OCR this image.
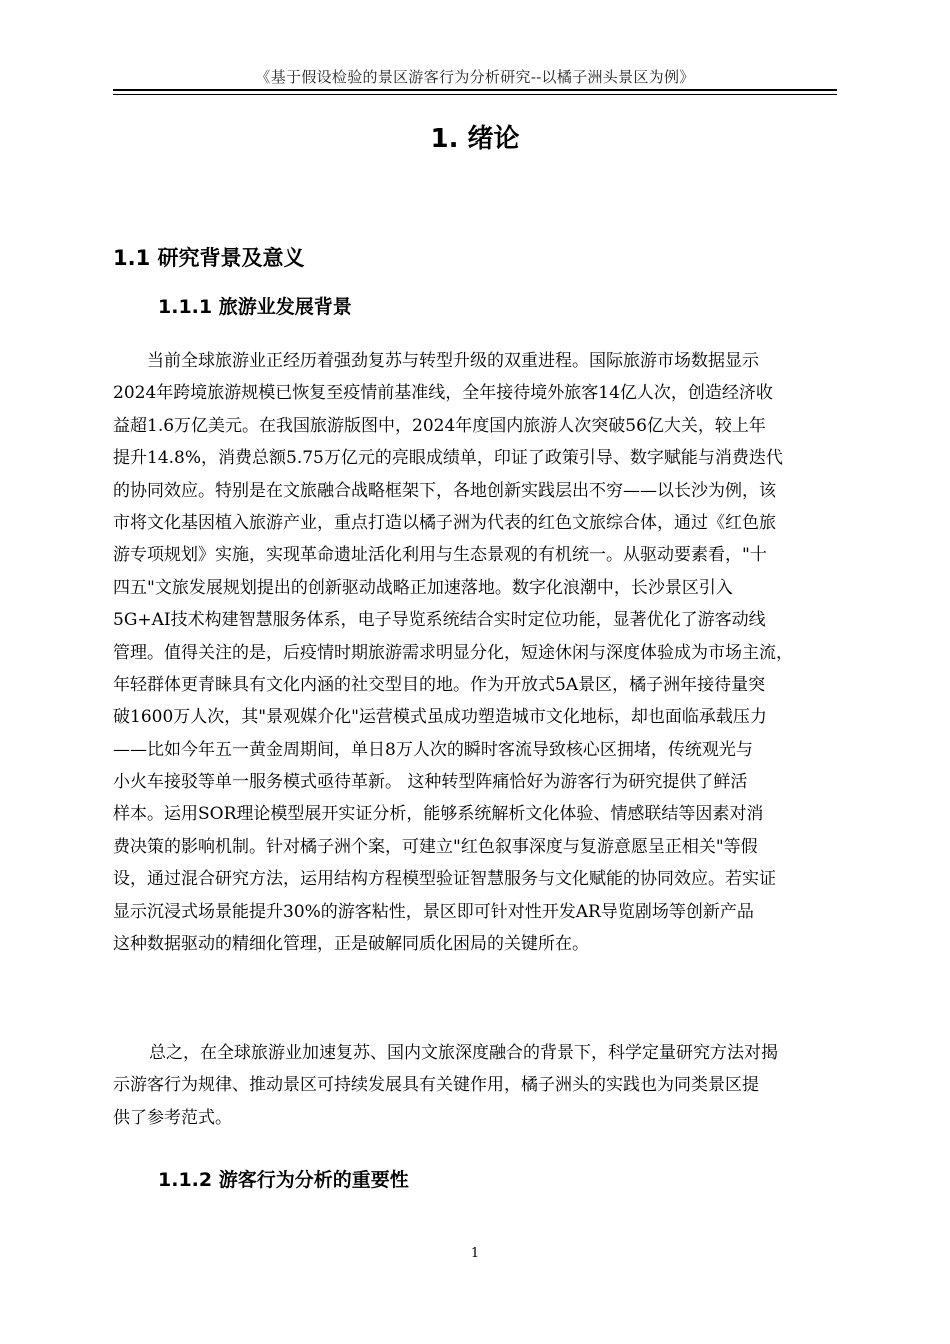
《基于假设检验的景区游客行为分析研究--以橘子洲头景区为例》
1. 绪论
1.1 研究背景及意义
1.1.1 旅游业发展背景
当前全球旅游业正经历着强劲复苏与转型升级的双重进程。国际旅游市场数据显示
2024年跨境旅游规模已恢复至疫情前基准线，全年接待境外旅客14亿人次，创造经济收
益超1.6万亿美元。在我国旅游版图中，2024年度国内旅游人次突破56亿大关，较上年
提升14.8%，消费总额5.75万亿元的亮眼成绩单，印证了政策引导、数字赋能与消费迭代
的协同效应。特别是在文旅融合战略框架下，各地创新实践层出不穷——以长沙为例，该
市将文化基因植入旅游产业，重点打造以橘子洲为代表的红色文旅综合体，通过《红色旅
游专项规划》实施，实现革命遗址活化利用与生态景观的有机统一。从驱动要素看，"十
四五"文旅发展规划提出的创新驱动战略正加速落地。数字化浪潮中，长沙景区引入
5G+AI技术构建智慧服务体系，电子导览系统结合实时定位功能，显著优化了游客动线
管理。值得关注的是，后疫情时期旅游需求明显分化，短途休闲与深度体验成为市场主流，
年轻群体更青睐具有文化内涵的社交型目的地。作为开放式5A景区，橘子洲年接待量突
破1600万人次，其"景观媒介化"运营模式虽成功塑造城市文化地标，却也面临承载压力
——比如今年五一黄金周期间，单日8万人次的瞬时客流导致核心区拥堵，传统观光与
小火车接驳等单一服务模式亟待革新。 这种转型阵痛恰好为游客行为研究提供了鲜活
样本。运用SOR理论模型展开实证分析，能够系统解析文化体验、情感联结等因素对消
费决策的影响机制。针对橘子洲个案，可建立"红色叙事深度与复游意愿呈正相关"等假
设，通过混合研究方法，运用结构方程模型验证智慧服务与文化赋能的协同效应。若实证
显示沉浸式场景能提升30%的游客粘性，景区即可针对性开发AR导览剧场等创新产品
这种数据驱动的精细化管理，正是破解同质化困局的关键所在。
总之，在全球旅游业加速复苏、国内文旅深度融合的背景下，科学定量研究方法对揭
示游客行为规律、推动景区可持续发展具有关键作用，橘子洲头的实践也为同类景区提
供了参考范式。
1.1.2 游客行为分析的重要性
1
